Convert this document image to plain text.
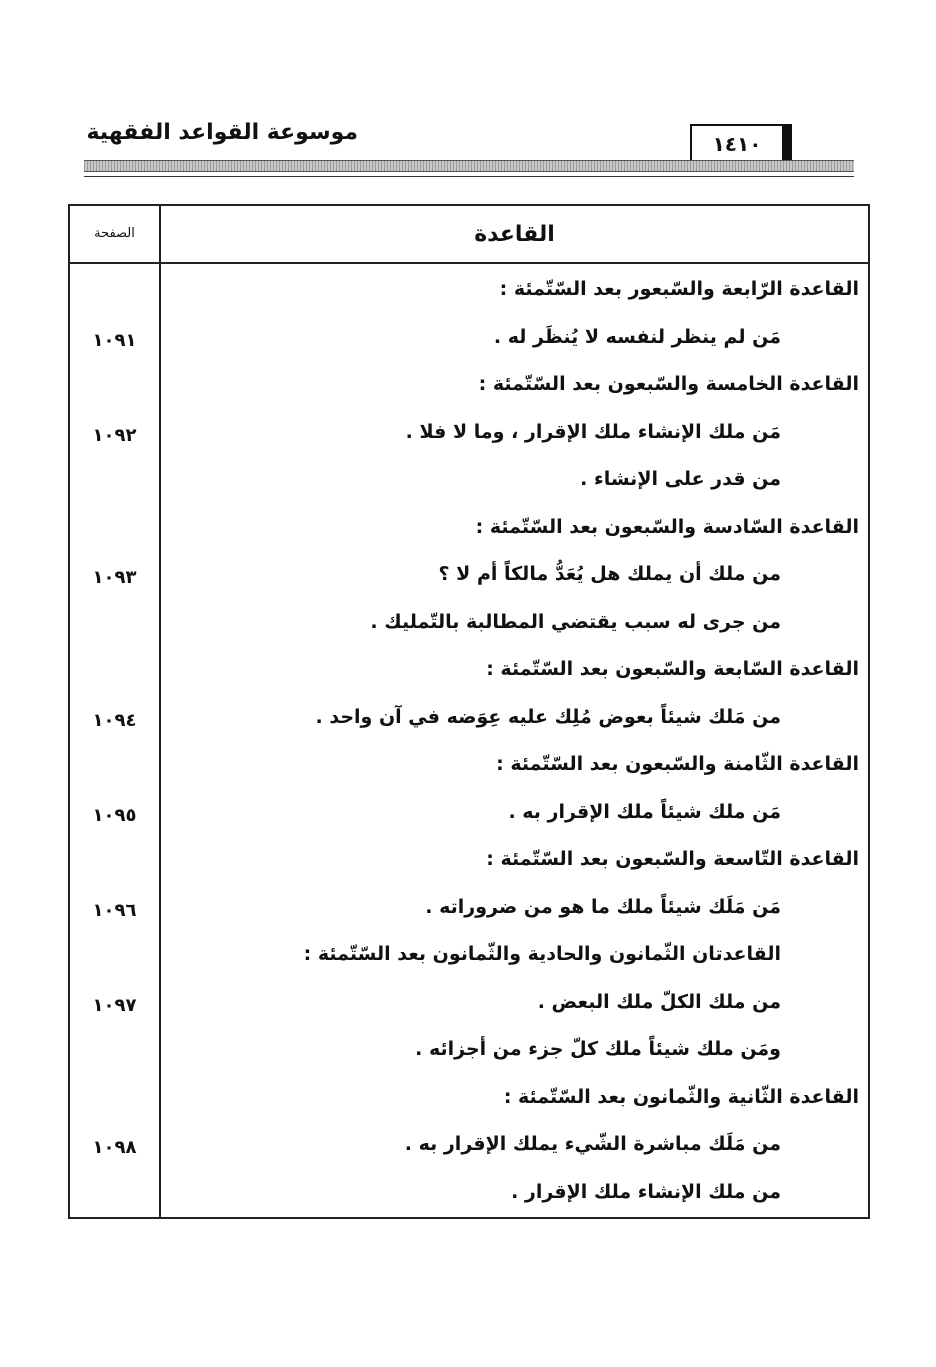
موسوعة القواعد الفقهية	١٤١٠
الصفحة	القاعدة
القاعدة الرّابعة والسّبعور بعد السّتّمئة :
مَن لم ينظر لنفسه لا يُنظَر له .
١٠٩١
القاعدة الخامسة والسّبعون بعد السّتّمئة :
مَن ملك الإنشاء ملك الإقرار ، وما لا فلا .
١٠٩٢
من قدر على الإنشاء .
القاعدة السّادسة والسّبعون بعد السّتّمئة :
من ملك أن يملك هل يُعَدُّ مالكاً أم لا ؟
١٠٩٣
من جرى له سبب يقتضي المطالبة بالتّمليك .
القاعدة السّابعة والسّبعون بعد السّتّمئة :
من مَلك شيئاً بعوض مُلِك عليه عِوَضه في آن واحد .
١٠٩٤
القاعدة الثّامنة والسّبعون بعد السّتّمئة :
مَن ملك شيئاً ملك الإقرار به .
١٠٩٥
القاعدة التّاسعة والسّبعون بعد السّتّمئة :
مَن مَلَك شيئاً ملك ما هو من ضروراته .
١٠٩٦
القاعدتان الثّمانون والحادية والثّمانون بعد السّتّمئة :
من ملك الكلّ ملك البعض .
١٠٩٧
ومَن ملك شيئاً ملك كلّ جزء من أجزائه .
القاعدة الثّانية والثّمانون بعد السّتّمئة :
من مَلَك مباشرة الشّيء يملك الإقرار به .
١٠٩٨
من ملك الإنشاء ملك الإقرار .
